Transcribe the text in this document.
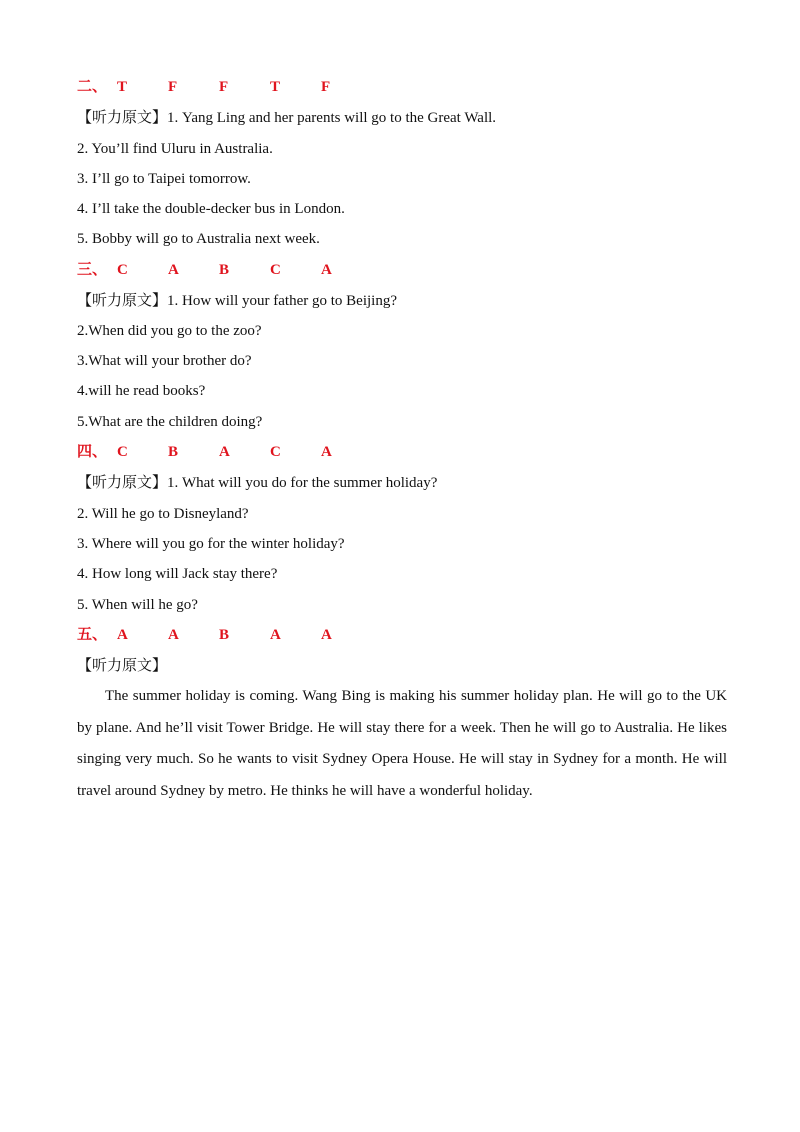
二、 T	F	F	T	F
【听力原文】1. Yang Ling and her parents will go to the Great Wall.
2. You’ll find Uluru in Australia.
3. I’ll go to Taipei tomorrow.
4. I’ll take the double-decker bus in London.
5. Bobby will go to Australia next week.
三、 C	A	B	C	A
【听力原文】1. How will your father go to Beijing?
2.When did you go to the zoo?
3.What will your brother do?
4.will he read books?
5.What are the children doing?
四、 C	B	A	C	A
【听力原文】1. What will you do for the summer holiday?
2. Will he go to Disneyland?
3. Where will you go for the winter holiday?
4. How long will Jack stay there?
5. When will he go?
五、 A	A	B	A	A
【听力原文】
The summer holiday is coming. Wang Bing is making his summer holiday plan. He will go to the UK by plane. And he’ll visit Tower Bridge. He will stay there for a week. Then he will go to Australia. He likes singing very much. So he wants to visit Sydney Opera House. He will stay in Sydney for a month. He will travel around Sydney by metro. He thinks he will have a wonderful holiday.
